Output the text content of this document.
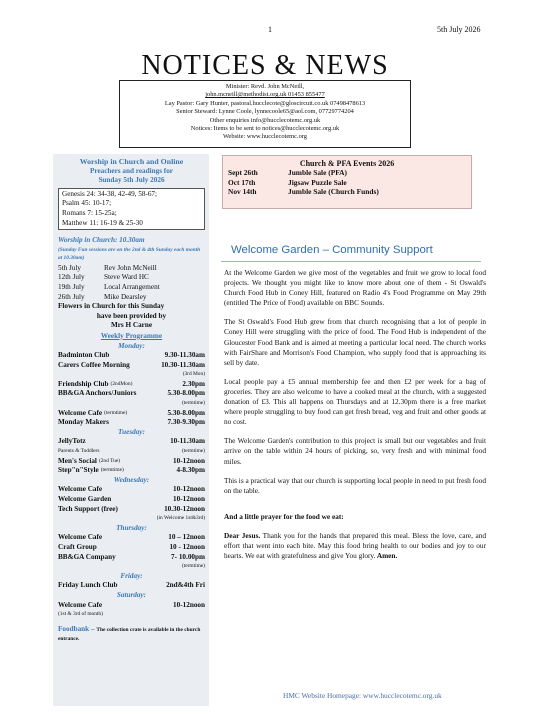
1	5th July 2026
NOTICES & NEWS
Minister: Revd. John McNeill,
john.mcneill@methodist.org.uk 01453 855477
Lay Pastor: Gary Hunter, pastoral.hucclecote@gloscircuit.co.uk 07498478613
Senior Steward: Lynne Coole, lynnecoole65@aol.com, 07729774204
Other enquiries info@hucclecotemc.org.uk
Notices: Items to be sent to notices@hucclecotemc.org.uk
Website: www.hucclecotemc.org
Worship in Church and Online
Preachers and readings for
Sunday 5th July 2026
Genesis 24: 34-38, 42-49, 58-67;
Psalm 45: 10-17;
Romans 7: 15-25a;
Matthew 11: 16-19 & 25-30
Worship in Church: 10.30am
(Sunday Fun sessions are on the 2nd & 4th Sunday each month at 10.30am)
5th July	Rev John McNeill
12th July	Steve Ward HC
19th July	Local Arrangement
26th July	Mike Dearsley
Flowers in Church for this Sunday
have been provided by
Mrs H Carne
Weekly Programme
Monday:
Badminton Club	9.30-11.30am
Carers Coffee Morning	10.30-11.30am
(3rd Mon)
Friendship Club (2ndMon)	2.30pm
BB&GA Anchors/Juniors	5.30-8.00pm
(termtime)
Welcome Cafe (termtime)	5.30-8.00pm
Monday Makers	7.30-9.30pm
Tuesday:
JellyTotz	10-11.30am
Parents & Toddlers	(termtime)
Men's Social (2nd Tue)	10-12noon
Step"n"Style (termtime)	4-8.30pm
Wednesday:
Welcome Cafe	10-12noon
Welcome Garden	10-12noon
Tech Support (free)	10.30-12noon
(in Welcome 1st&3rd)
Thursday:
Welcome Cafe	10 – 12noon
Craft Group	10 - 12noon
BB&GA Company	7- 10.00pm
(termtime)
Friday:
Friday Lunch Club	2nd&4th Fri
Saturday:
Welcome Cafe	10-12noon
(1st & 3rd of month)
Foodbank – The collection crate is available in the church entrance.
Church & PFA Events 2026
Sept 26th	Jumble Sale (PFA)
Oct 17th	Jigsaw Puzzle Sale
Nov 14th	Jumble Sale (Church Funds)
Welcome Garden – Community Support

At the Welcome Garden we give most of the vegetables and fruit we grow to local food projects. We thought you might like to know more about one of them - St Oswald's Church Food Hub in Coney Hill, featured on Radio 4's Food Programme on May 29th (entitled The Price of Food) available on BBC Sounds.

The St Oswald's Food Hub grew from that church recognising that a lot of people in Coney Hill were struggling with the price of food. The Food Hub is independent of the Gloucester Food Bank and is aimed at meeting a particular local need. The church works with FairShare and Morrison's Food Champion, who supply food that is approaching its sell by date.

Local people pay a £5 annual membership fee and then £2 per week for a bag of groceries. They are also welcome to have a cooked meal at the church, with a suggested donation of £3. This all happens on Thursdays and at 12.30pm there is a free market where people struggling to buy food can get fresh bread, veg and fruit and other goods at no cost.

The Welcome Garden's contribution to this project is small but our vegetables and fruit arrive on the table within 24 hours of picking, so, very fresh and with minimal food miles.

This is a practical way that our church is supporting local people in need to put fresh food on the table.

And a little prayer for the food we eat:

Dear Jesus. Thank you for the hands that prepared this meal. Bless the love, care, and effort that went into each bite. May this food bring health to our bodies and joy to our hearts. We eat with gratefulness and give You glory. Amen.

HMC Website Homepage: www.hucclecotemc.org.uk
